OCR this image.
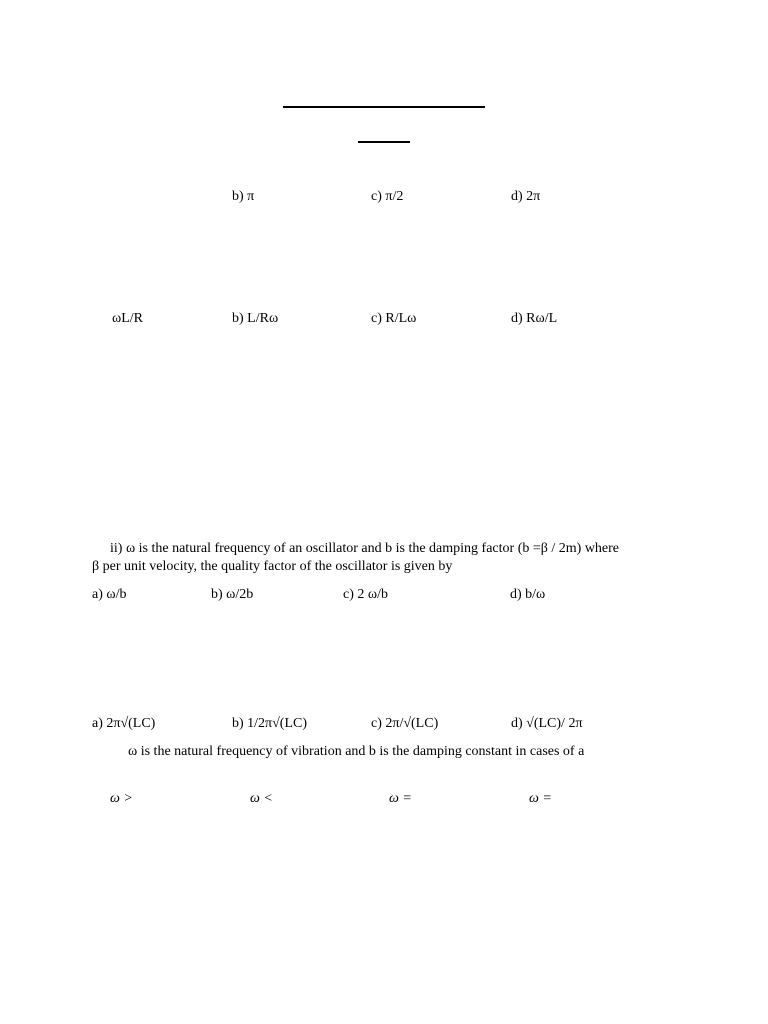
b) π	c) π/2	d) 2π
ωL/R	b) L/Rω	c) R/Lω	d) Rω/L
ii) ω is the natural frequency of an oscillator and b is the damping factor (b =β / 2m) where
β per unit velocity, the quality factor of the oscillator is given by
a) ω/b	b) ω/2b	c) 2 ω/b	d) b/ω
a) 2π√(LC)	b) 1/2π√(LC)	c) 2π/√(LC)	d) √(LC)/ 2π
ω is the natural frequency of vibration and b is the damping constant in cases of a
ω >	ω <	ω =	ω =
